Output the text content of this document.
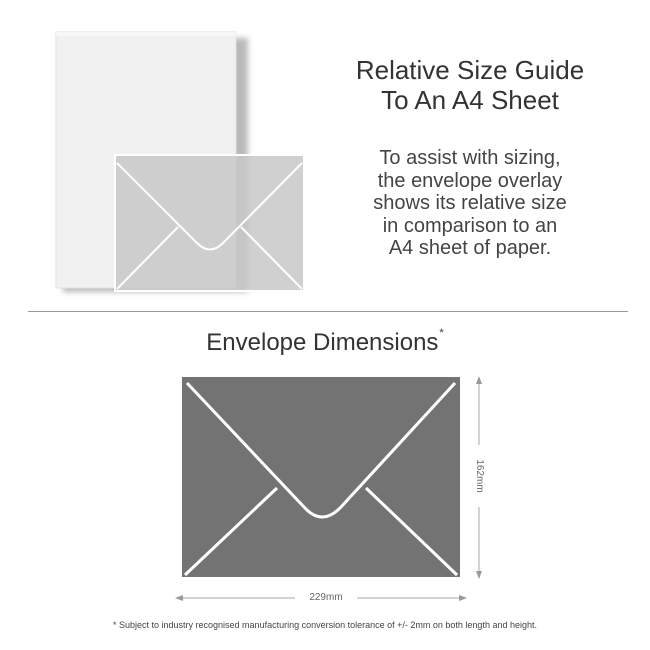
Relative Size Guide
To An A4 Sheet
To assist with sizing,
the envelope overlay
shows its relative size
in comparison to an
A4 sheet of paper.
Envelope Dimensions*
229mm
162mm
* Subject to industry recognised manufacturing conversion tolerance of +/- 2mm on both length and height.
